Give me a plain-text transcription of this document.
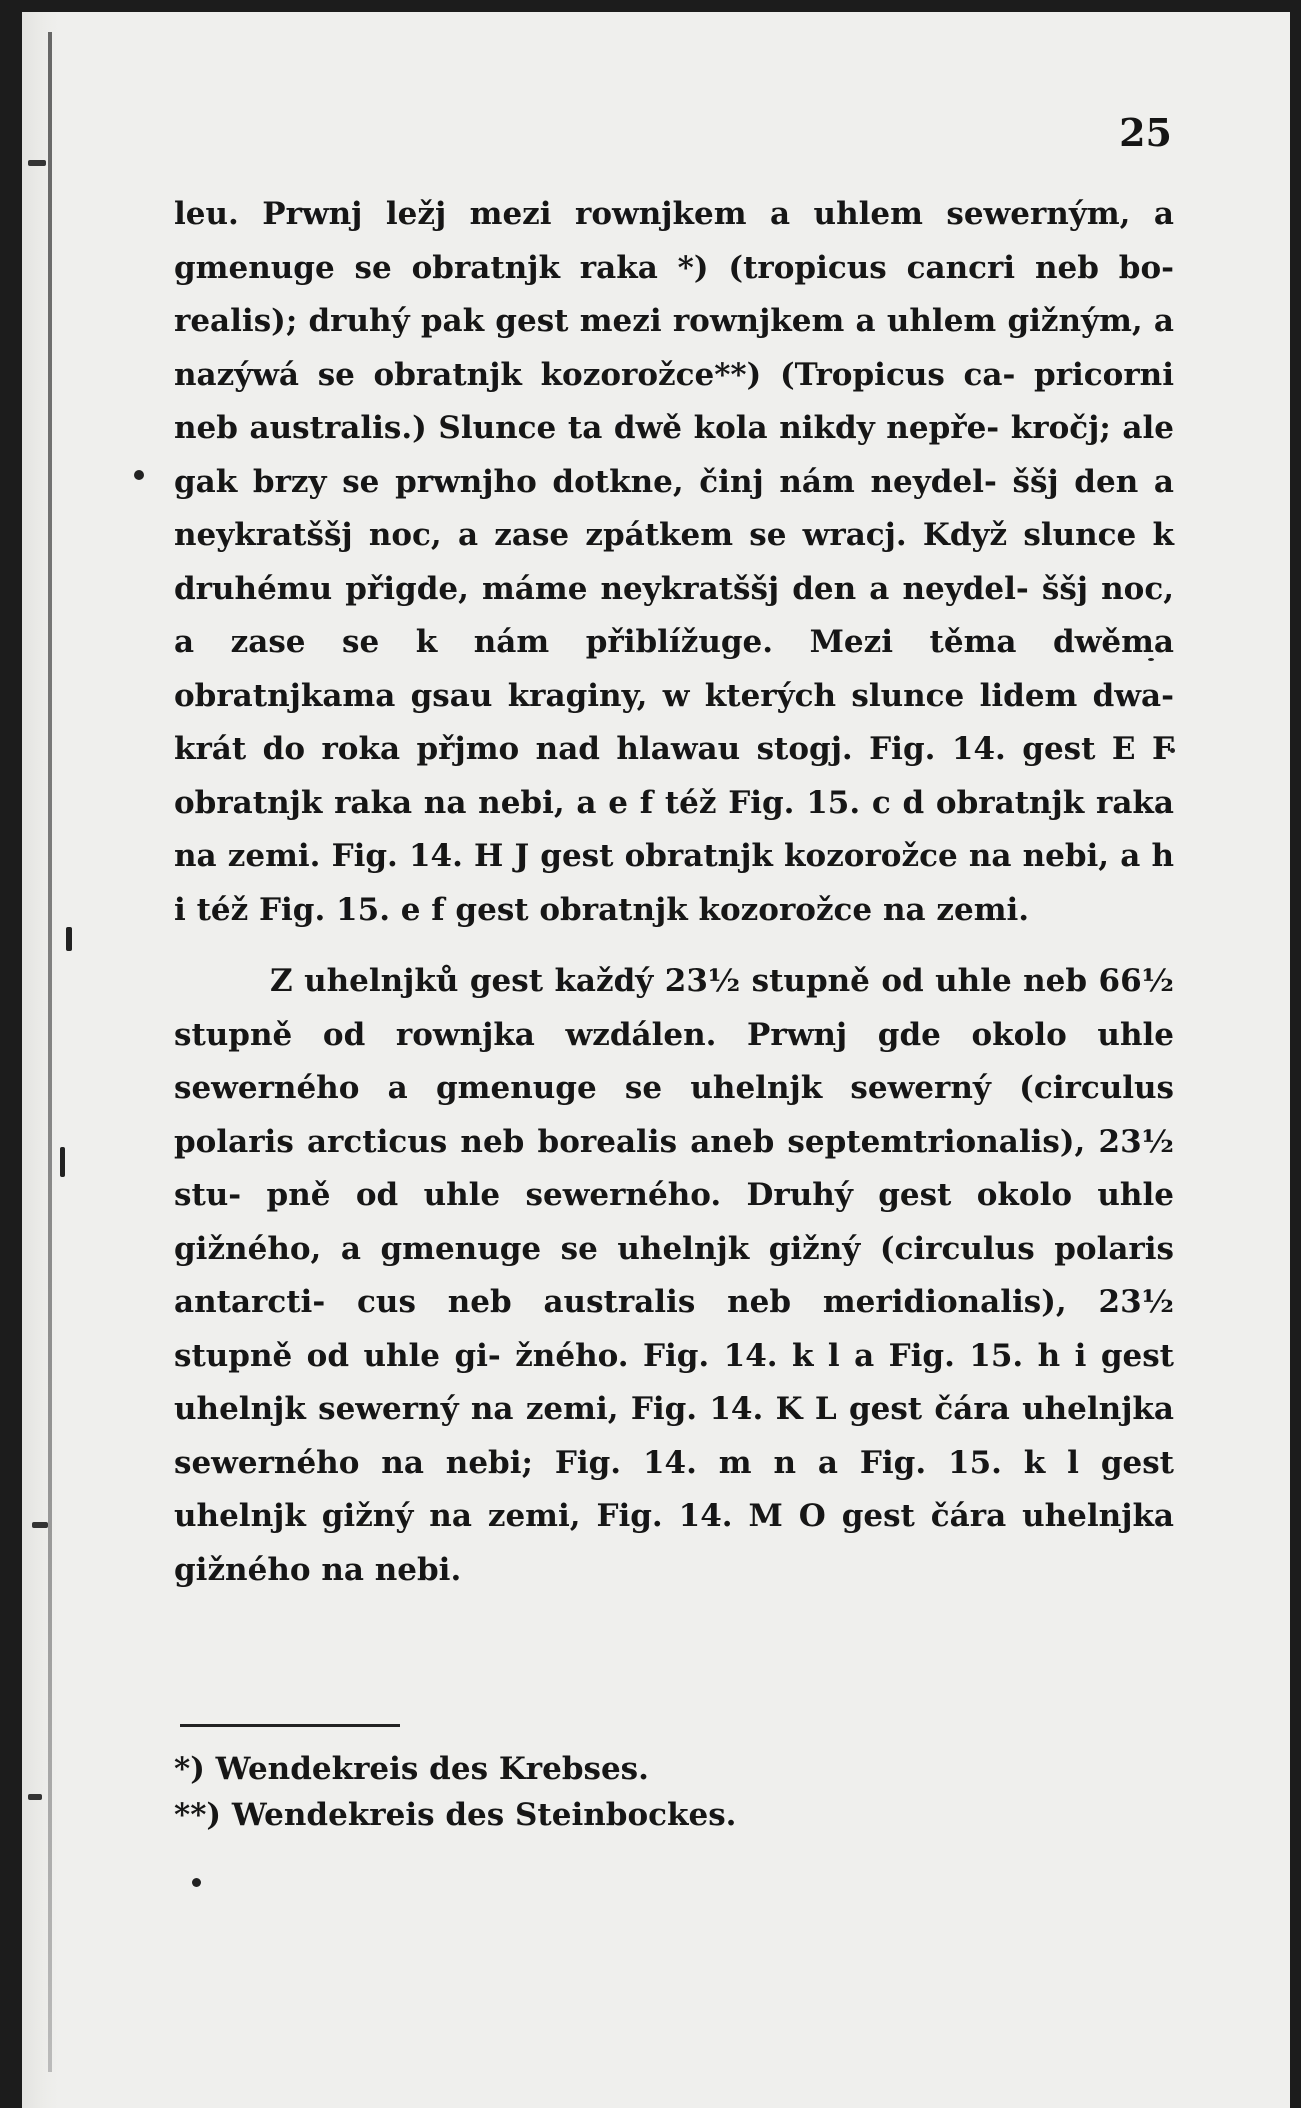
25

leu. Prwnj ležj mezi rownjkem a uhlem sewerným, a gmenuge se obratnjk raka *) (tropicus cancri neb bo- realis); druhý pak gest mezi rownjkem a uhlem gižným, a nazýwá se obratnjk kozorožce**) (Tropicus ca- pricorni neb australis.) Slunce ta dwě kola nikdy nepře- kročj; ale gak brzy se prwnjho dotkne, činj nám neydel- ššj den a neykratššj noc, a zase zpátkem se wracj. Když slunce k druhému přigde, máme neykratššj den a neydel- ššj noc, a zase se k nám přiblížuge. Mezi těma dwěma obratnjkama gsau kraginy, w kterých slunce lidem dwa- krát do roka přjmo nad hlawau stogj. Fig. 14. gest E F obratnjk raka na nebi, a e f též Fig. 15. c d obratnjk raka na zemi. Fig. 14. H J gest obratnjk kozorožce na nebi, a h i též Fig. 15. e f gest obratnjk kozorožce na zemi.

Z uhelnjků gest každý 23½ stupně od uhle neb 66½ stupně od rownjka wzdálen. Prwnj gde okolo uhle sewerného a gmenuge se uhelnjk sewerný (circulus polaris arcticus neb borealis aneb septemtrionalis), 23½ stu- pně od uhle sewerného. Druhý gest okolo uhle gižného, a gmenuge se uhelnjk gižný (circulus polaris antarcti- cus neb australis neb meridionalis), 23½ stupně od uhle gi- žného. Fig. 14. k l a Fig. 15. h i gest uhelnjk sewerný na zemi, Fig. 14. K L gest čára uhelnjka sewerného na nebi; Fig. 14. m n a Fig. 15. k l gest uhelnjk gižný na zemi, Fig. 14. M O gest čára uhelnjka gižného na nebi.

*) Wendekreis des Krebses.
**) Wendekreis des Steinbockes.
